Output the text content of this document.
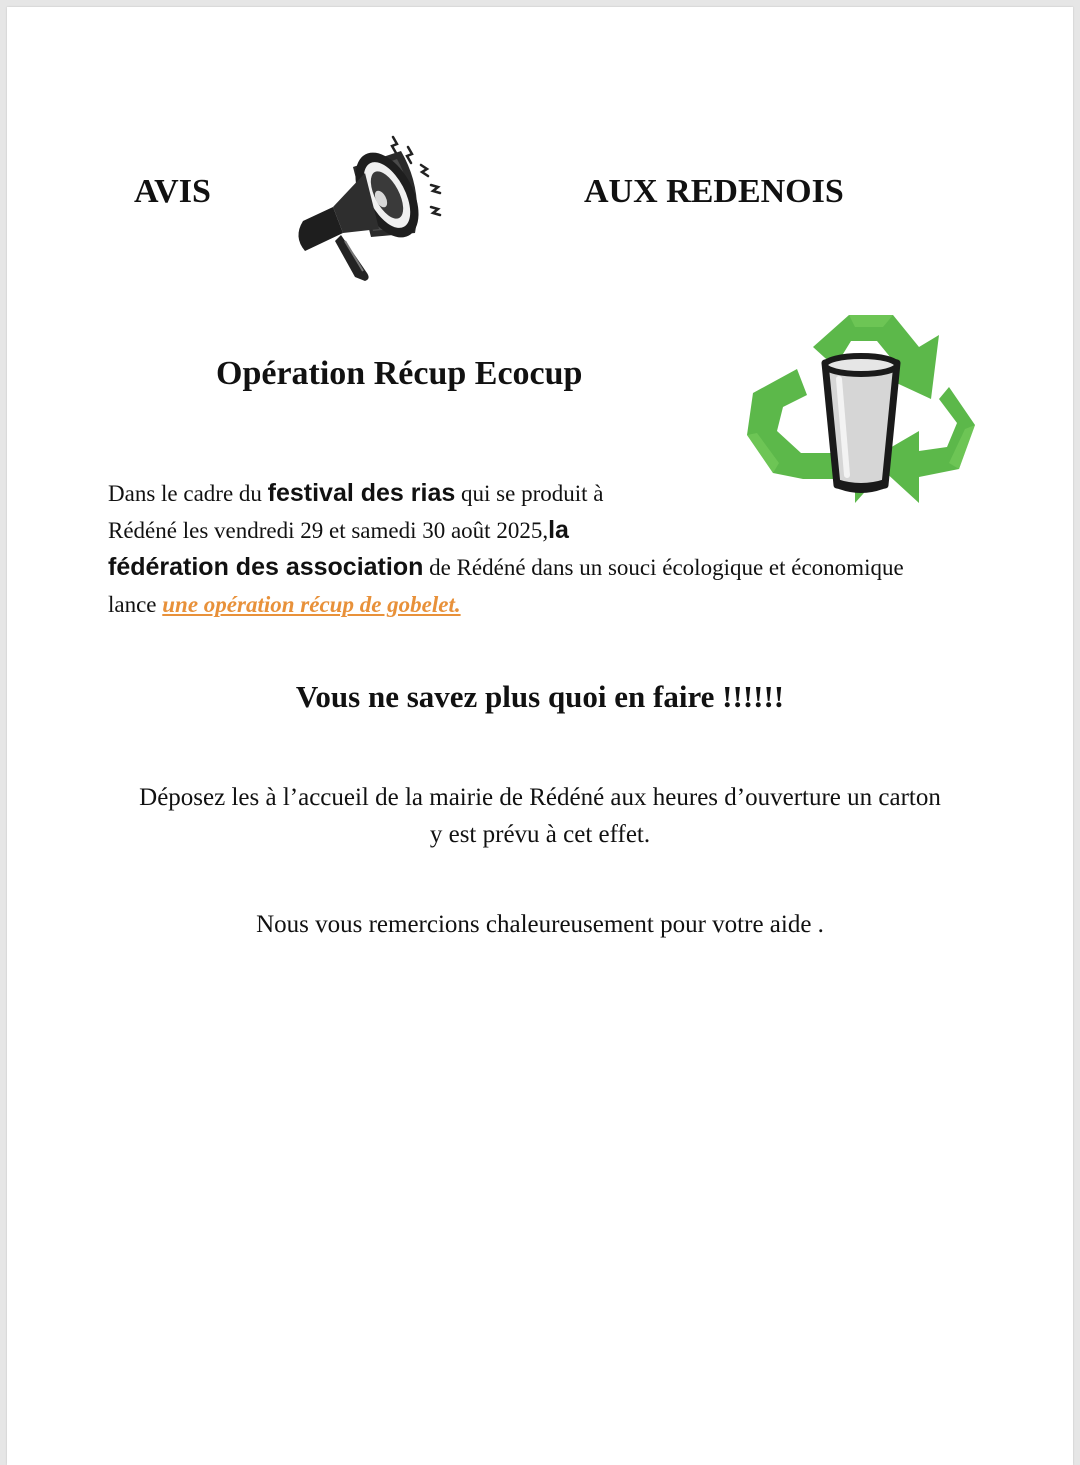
AVIS	AUX REDENOIS
Opération Récup Ecocup
Dans le cadre du festival des rias qui se produit à
Rédéné les vendredi 29 et samedi 30 août 2025,la
fédération des association de Rédéné dans un souci écologique et économique
lance une opération récup de gobelet.
Vous ne savez plus quoi en faire !!!!!!
Déposez les à l’accueil de la mairie de Rédéné aux heures d’ouverture un carton
y est prévu à cet effet.
Nous vous remercions chaleureusement pour votre aide .
